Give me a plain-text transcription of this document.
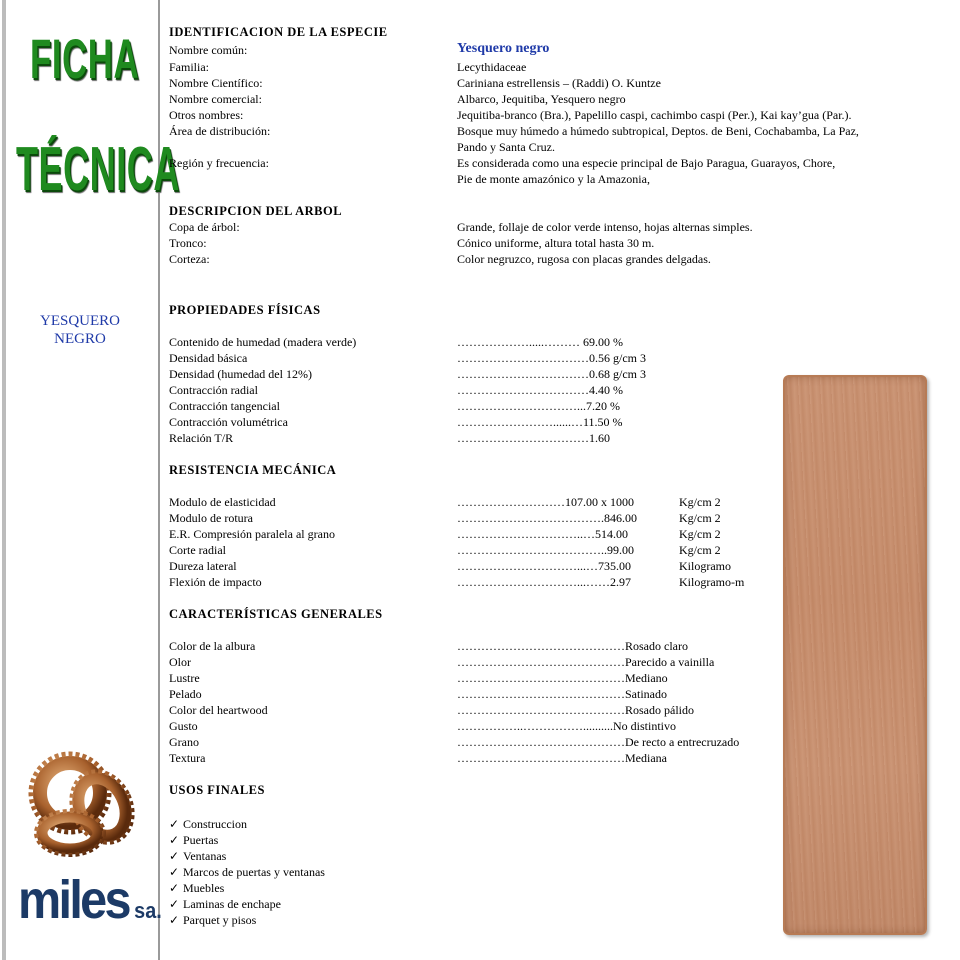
FICHA
TÉCNICA
YESQUERO
NEGRO
miles sa.
IDENTIFICACION DE LA ESPECIE
Nombre común:	Yesquero negro
Familia:	Lecythidaceae
Nombre Científico:	Cariniana estrellensis – (Raddi) O. Kuntze
Nombre comercial:	Albarco, Jequitiba, Yesquero negro
Otros nombres:	Jequitiba-branco (Bra.), Papelillo caspi, cachimbo caspi (Per.), Kai kay’gua (Par.).
Área de distribución:	Bosque muy húmedo a húmedo subtropical, Deptos. de Beni, Cochabamba, La Paz,
Pando y Santa Cruz.
Región y frecuencia:	Es considerada como una especie principal de Bajo Paragua, Guarayos, Chore,
Pie de monte amazónico y la Amazonia,
DESCRIPCION DEL ARBOL
Copa de árbol:	Grande, follaje de color verde intenso, hojas alternas simples.
Tronco:	Cónico uniforme, altura total hasta 30 m.
Corteza:	Color negruzco, rugosa con placas grandes delgadas.
PROPIEDADES FÍSICAS
Contenido de humedad (madera verde)	……………….....……… 69.00 %
Densidad básica	……………………………0.56 g/cm 3
Densidad (humedad del 12%)	……………………………0.68 g/cm 3
Contracción radial	……………………………4.40 %
Contracción tangencial	…………………………...7.20 %
Contracción volumétrica	……………………......…11.50 %
Relación T/R	……………………………1.60
RESISTENCIA MECÁNICA
Modulo de elasticidad	………………………107.00 x 1000	Kg/cm 2
Modulo de rotura	……………………………….846.00	Kg/cm 2
E.R. Compresión paralela al grano	…………………………..…514.00	Kg/cm 2
Corte radial	………………………………..99.00	Kg/cm 2
Dureza lateral	…………………………...…735.00	Kilogramo
Flexión de impacto	…………………………...……2.97	Kilogramo-m
CARACTERÍSTICAS GENERALES
Color de la albura	……………………………………Rosado claro
Olor	……………………………………Parecido a vainilla
Lustre	……………………………………Mediano
Pelado	……………………………………Satinado
Color del heartwood	……………………………………Rosado pálido
Gusto	……………..……………..........No distintivo
Grano	……………………………………De recto a entrecruzado
Textura	……………………………………Mediana
USOS FINALES
✓ Construccion
✓ Puertas
✓ Ventanas
✓ Marcos de puertas y ventanas
✓ Muebles
✓ Laminas de enchape
✓ Parquet y pisos
